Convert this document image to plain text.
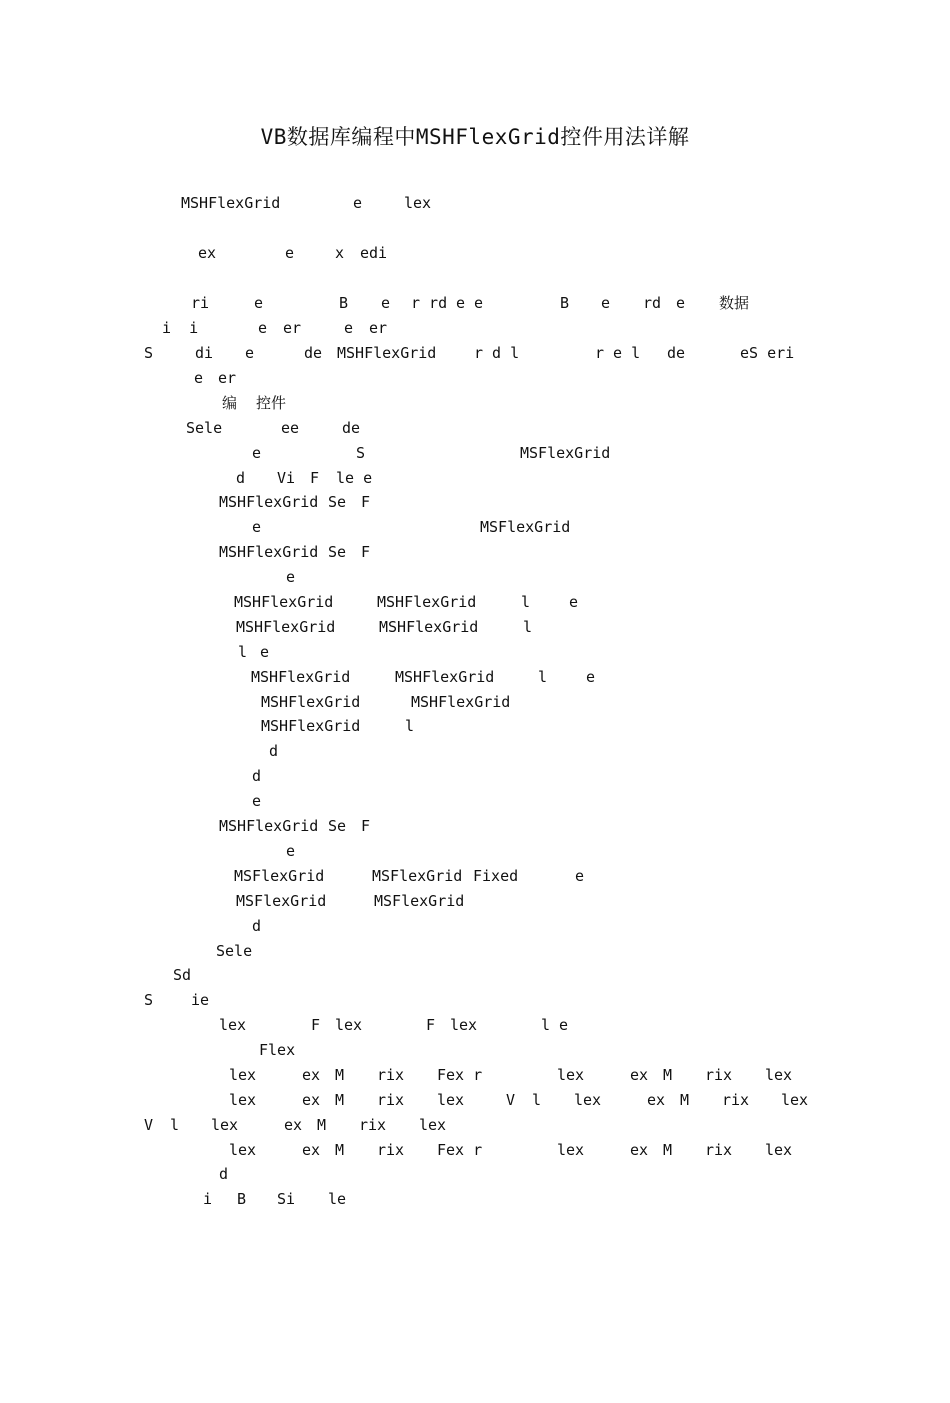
VB数据库编程中MSHFlexGrid控件用法详解

MSHFlexGrid

	e

	lex

ex

	e

	x

edi

ri

	e

	B

e

r rd

e e

	B

e

rd

e

数据

i  i

	e

er

	e

er

S

	di

e

	de

MSHFlexGrid

	r d l

	r e l

de

	eS eri

e

er

编

控件

Sele

	ee

	de

e

	S

	MSFlexGrid

d

Vi

F

le e

MSHFlexGrid

Se

F

e

	MSFlexGrid

MSHFlexGrid

Se

F

e

MSHFlexGrid

	MSHFlexGrid

	l

	e

MSHFlexGrid

	MSHFlexGrid

	l

l

e

MSHFlexGrid

	MSHFlexGrid

	l

	e

MSHFlexGrid

	MSHFlexGrid

MSHFlexGrid

	l

d

d

e

MSHFlexGrid

Se

F

e

MSFlexGrid

	MSFlexGrid

Fixed

	e

MSFlexGrid

	MSFlexGrid

d

Sele

Sd

S

	ie

lex

	F

lex

	F

lex

	l e

Flex

lex

	ex

M

rix

Fex r

	lex

	ex

M

rix

lex

lex

	ex

M

rix

lex

	V

l

lex

	ex

M

rix

lex

V

l

lex

	ex

M

rix

lex

lex

	ex

M

rix

Fex r

	lex

	ex

M

rix

lex

d

i

B

Si

le
